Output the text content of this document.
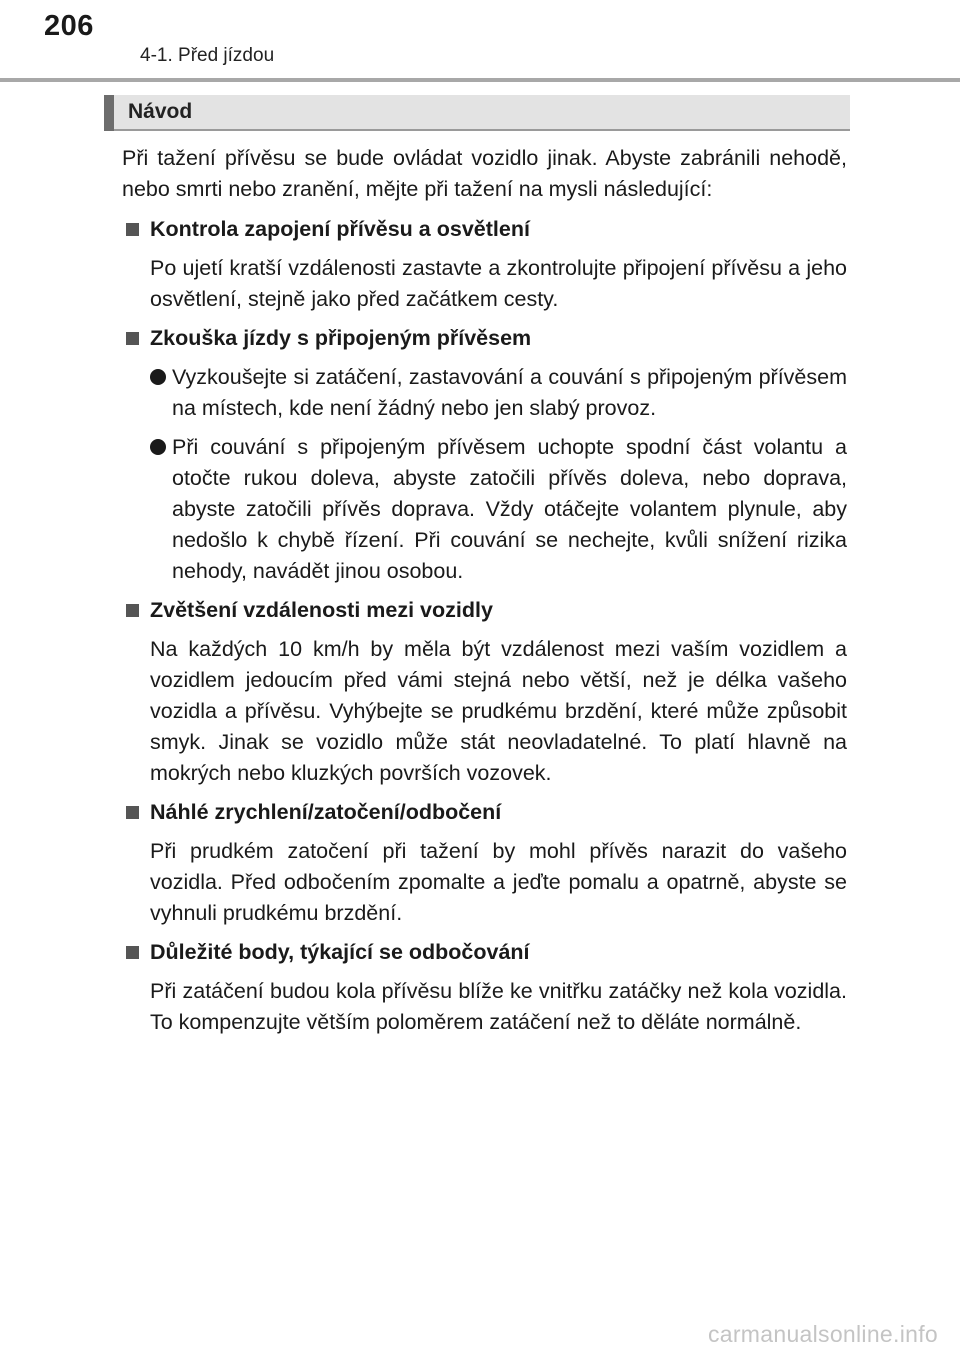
206
4-1. Před jízdou
Návod

Při tažení přívěsu se bude ovládat vozidlo jinak. Abyste zabránili nehodě, nebo smrti nebo zranění, mějte při tažení na mysli následující:

Kontrola zapojení přívěsu a osvětlení

Po ujetí kratší vzdálenosti zastavte a zkontrolujte připojení přívěsu a jeho osvětlení, stejně jako před začátkem cesty.

Zkouška jízdy s připojeným přívěsem

Vyzkoušejte si zatáčení, zastavování a couvání s připojeným přívěsem na místech, kde není žádný nebo jen slabý provoz.

Při couvání s připojeným přívěsem uchopte spodní část volantu a otočte rukou doleva, abyste zatočili přívěs doleva, nebo doprava, abyste zatočili přívěs doprava. Vždy otáčejte volantem plynule, aby nedošlo k chybě řízení. Při couvání se nechejte, kvůli snížení rizika nehody, navádět jinou osobou.

Zvětšení vzdálenosti mezi vozidly

Na každých 10 km/h by měla být vzdálenost mezi vaším vozidlem a vozidlem jedoucím před vámi stejná nebo větší, než je délka vašeho vozidla a přívěsu. Vyhýbejte se prudkému brzdění, které může způsobit smyk. Jinak se vozidlo může stát neovladatelné. To platí hlavně na mokrých nebo kluzkých površích vozovek.

Náhlé zrychlení/zatočení/odbočení

Při prudkém zatočení při tažení by mohl přívěs narazit do vašeho vozidla. Před odbočením zpomalte a jeďte pomalu a opatrně, abyste se vyhnuli prudkému brzdění.

Důležité body, týkající se odbočování

Při zatáčení budou kola přívěsu blíže ke vnitřku zatáčky než kola vozidla. To kompenzujte větším poloměrem zatáčení než to děláte normálně.

carmanualsonline.info
